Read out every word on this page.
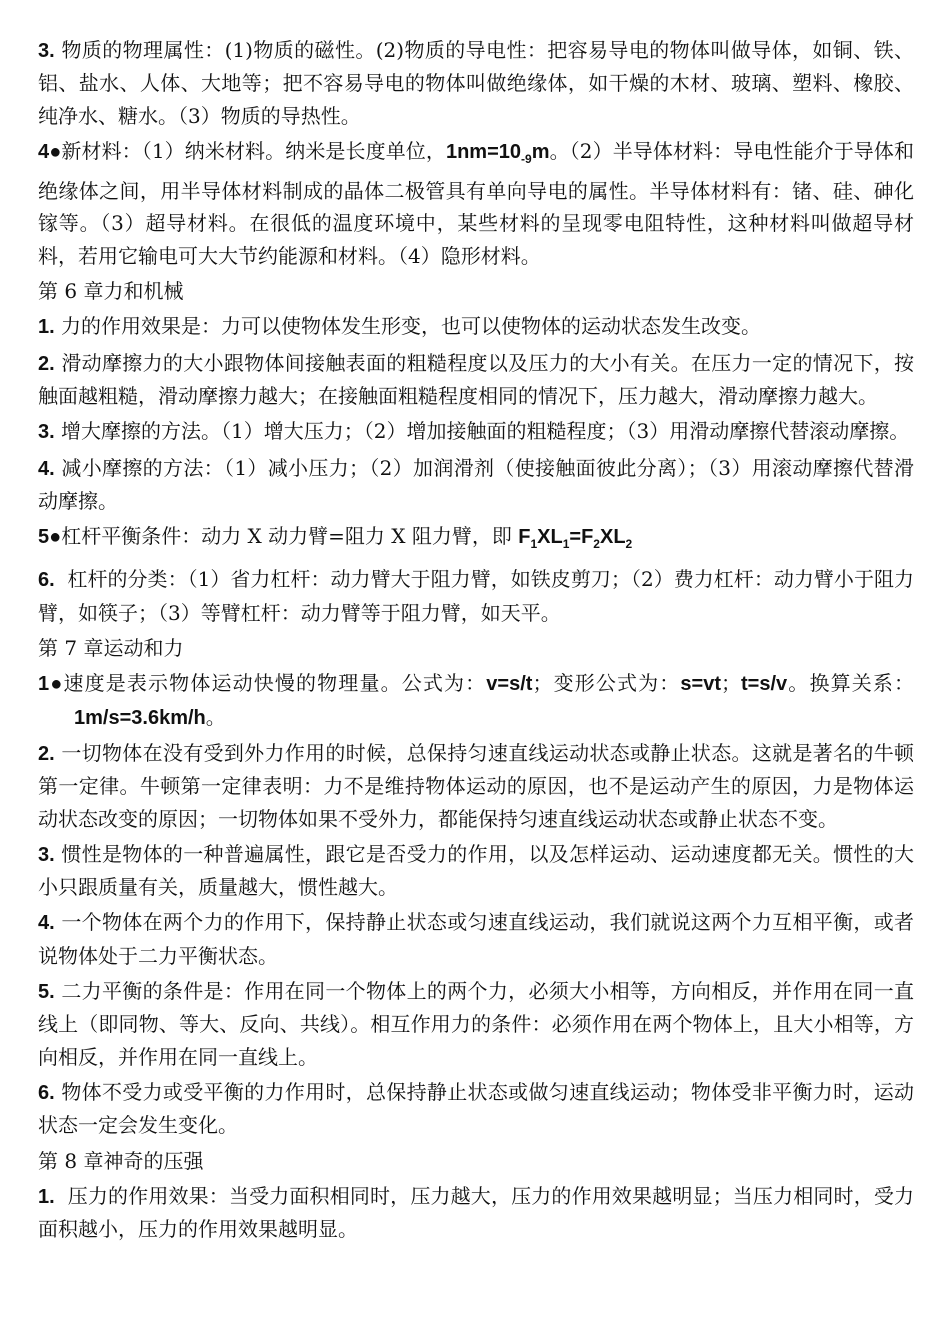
3. 物质的物理属性：(1)物质的磁性。(2)物质的导电性：把容易导电的物体叫做导体，如铜、铁、铝、盐水、人体、大地等；把不容易导电的物体叫做绝缘体，如干燥的木材、玻璃、塑料、橡胶、纯净水、糖水。（3）物质的导热性。

4●新材料：（1）纳米材料。纳米是长度单位，$1nm=10_{-9}m$。（2）半导体材料：导电性能介于导体和绝缘体之间，用半导体材料制成的晶体二极管具有单向导电的属性。半导体材料有：锗、硅、砷化镓等。（3）超导材料。在很低的温度环境中，某些材料的呈现零电阻特性，这种材料叫做超导材料，若用它输电可大大节约能源和材料。（4）隐形材料。

第 6 章力和机械

1. 力的作用效果是：力可以使物体发生形变，也可以使物体的运动状态发生改变。

2. 滑动摩擦力的大小跟物体间接触表面的粗糙程度以及压力的大小有关。在压力一定的情况下，按触面越粗糙，滑动摩擦力越大；在接触面粗糙程度相同的情况下，压力越大，滑动摩擦力越大。

3. 增大摩擦的方法。（1）增大压力；（2）增加接触面的粗糙程度；（3）用滑动摩擦代替滚动摩擦。

4. 减小摩擦的方法：（1）减小压力；（2）加润滑剂（使接触面彼此分离）；（3）用滚动摩擦代替滑动摩擦。

5●杠杆平衡条件：动力 X 动力臂=阻力 X 阻力臂，即 $F_1XL_1=F_2XL_2$

6. 杠杆的分类：（1）省力杠杆：动力臂大于阻力臂，如铁皮剪刀；（2）费力杠杆：动力臂小于阻力臂，如筷子；（3）等臂杠杆：动力臂等于阻力臂，如天平。

第 7 章运动和力

1●速度是表示物体运动快慢的物理量。公式为：v=s/t；变形公式为：s=vt；t=s/v。换算关系：1m/s=3.6km/h。

2. 一切物体在没有受到外力作用的时候，总保持匀速直线运动状态或静止状态。这就是著名的牛顿第一定律。牛顿第一定律表明：力不是维持物体运动的原因，也不是运动产生的原因，力是物体运动状态改变的原因；一切物体如果不受外力，都能保持匀速直线运动状态或静止状态不变。

3. 惯性是物体的一种普遍属性，跟它是否受力的作用，以及怎样运动、运动速度都无关。惯性的大小只跟质量有关，质量越大，惯性越大。

4. 一个物体在两个力的作用下，保持静止状态或匀速直线运动，我们就说这两个力互相平衡，或者说物体处于二力平衡状态。

5. 二力平衡的条件是：作用在同一个物体上的两个力，必须大小相等，方向相反，并作用在同一直线上（即同物、等大、反向、共线）。相互作用力的条件：必须作用在两个物体上，且大小相等，方向相反，并作用在同一直线上。

6. 物体不受力或受平衡的力作用时，总保持静止状态或做匀速直线运动；物体受非平衡力时，运动状态一定会发生变化。

第 8 章神奇的压强

1. 压力的作用效果：当受力面积相同时，压力越大，压力的作用效果越明显；当压力相同时，受力面积越小，压力的作用效果越明显。
